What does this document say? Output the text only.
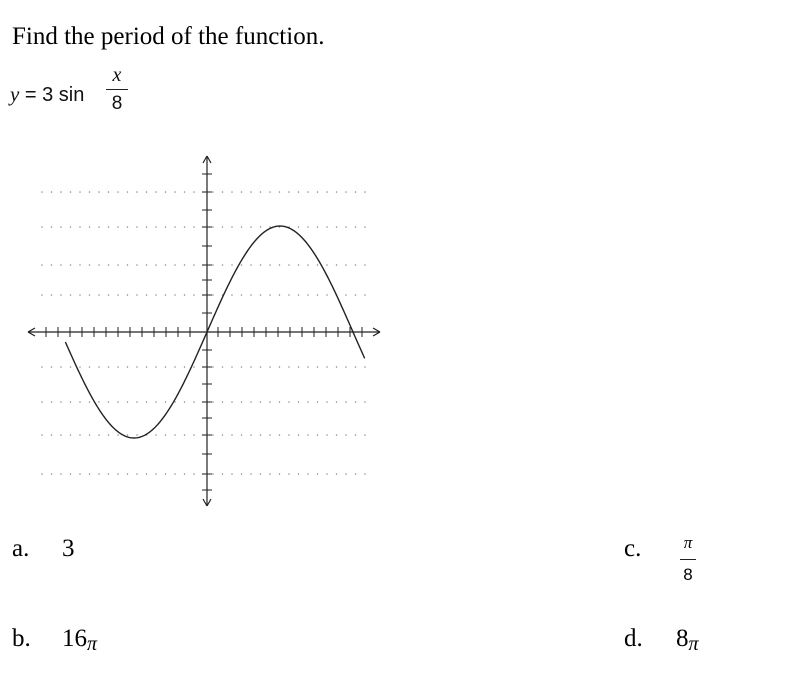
Find the period of the function.
y = 3 sin
x
8
a. 3
b. 16π
c. π
8
d. 8π
